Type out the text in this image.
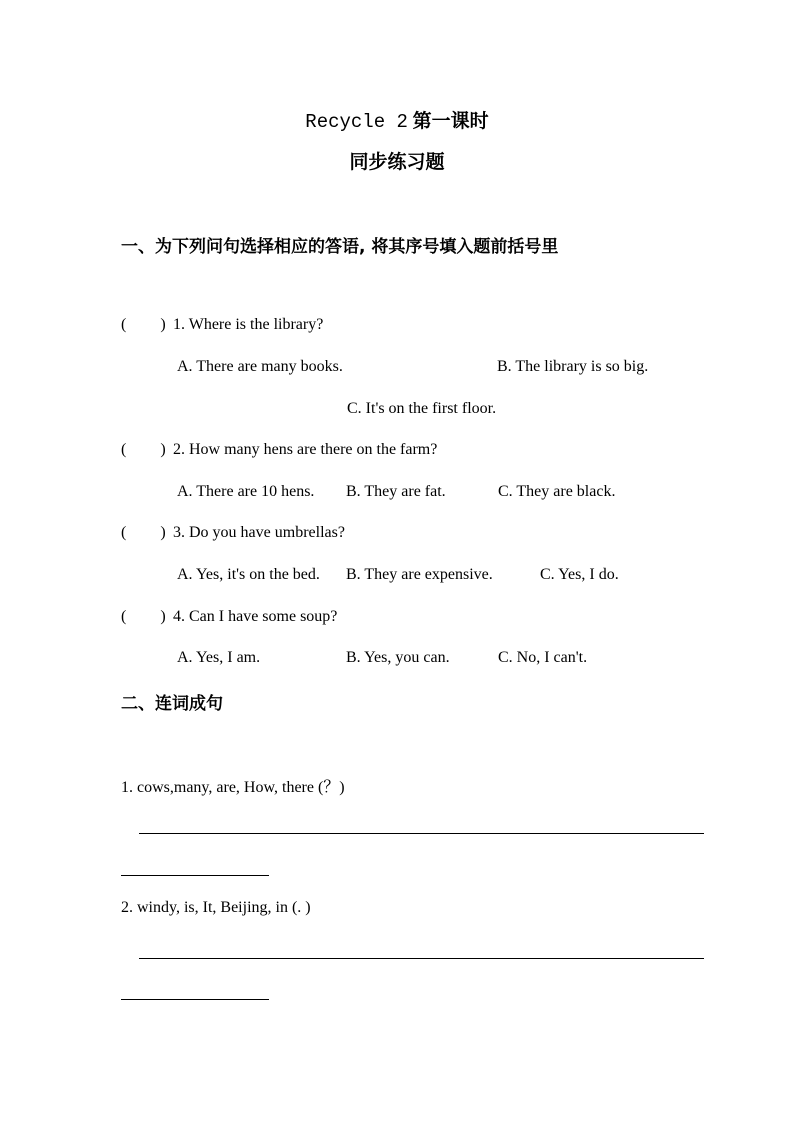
Recycle 2 第一课时
同步练习题
一、为下列问句选择相应的答语, 将其序号填入题前括号里
( ) 1. Where is the library?
A. There are many books.	B. The library is so big.
C. It's on the first floor.
( ) 2. How many hens are there on the farm?
A. There are 10 hens. B. They are fat.	C. They are black.
( ) 3. Do you have umbrellas?
A. Yes, it's on the bed. B. They are expensive.	C. Yes, I do.
( ) 4. Can I have some soup?
A. Yes, I am.	B. Yes, you can.	C. No, I can't.
二、连词成句
1. cows,many, are, How, there (？)
2. windy, is, It, Beijing, in (. )
